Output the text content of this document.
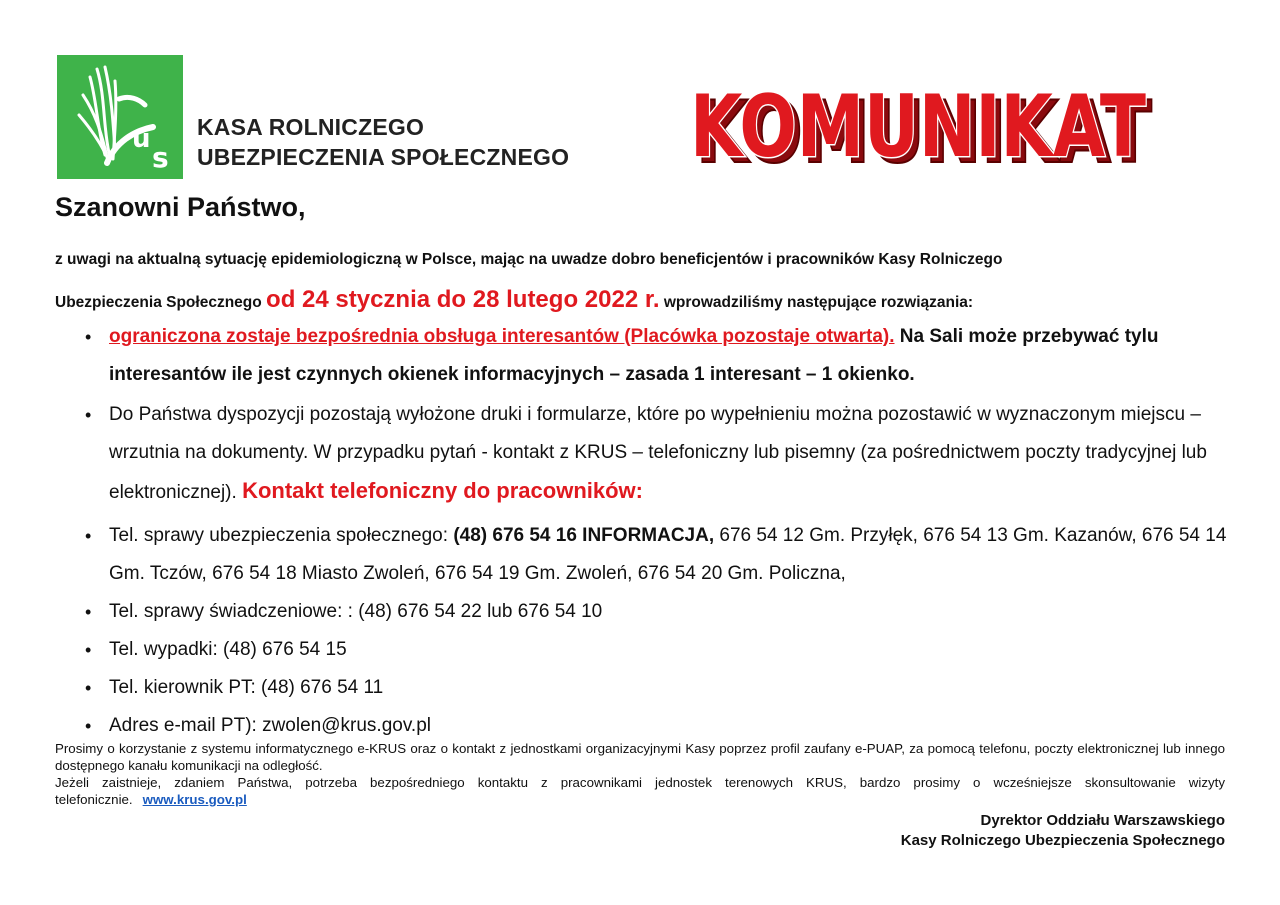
u
s
KASA ROLNICZEGO
UBEZPIECZENIA SPOŁECZNEGO KOMUNIKAT
KOMUNIKAT
Szanowni Państwo,
z uwagi na aktualną sytuację epidemiologiczną w Polsce, mając na uwadze dobro beneficjentów i pracowników Kasy Rolniczego
Ubezpieczenia Społecznego od 24 stycznia do 28 lutego 2022 r. wprowadziliśmy następujące rozwiązania:
• ograniczona zostaje bezpośrednia obsługa interesantów (Placówka pozostaje otwarta). Na Sali może przebywać tylu interesantów ile jest czynnych okienek informacyjnych – zasada 1 interesant – 1 okienko.
• Do Państwa dyspozycji pozostają wyłożone druki i formularze, które po wypełnieniu można pozostawić w wyznaczonym miejscu – wrzutnia na dokumenty. W przypadku pytań - kontakt z KRUS – telefoniczny lub pisemny (za pośrednictwem poczty tradycyjnej lub elektronicznej). Kontakt telefoniczny do pracowników:
• Tel. sprawy ubezpieczenia społecznego: (48) 676 54 16 INFORMACJA, 676 54 12 Gm. Przyłęk, 676 54 13 Gm. Kazanów, 676 54 14 Gm. Tczów, 676 54 18 Miasto Zwoleń, 676 54 19 Gm. Zwoleń, 676 54 20 Gm. Policzna,
• Tel. sprawy świadczeniowe: : (48) 676 54 22 lub 676 54 10
• Tel. wypadki: (48) 676 54 15
• Tel. kierownik PT: (48) 676 54 11
• Adres e-mail PT): zwolen@krus.gov.pl

Prosimy o korzystanie z systemu informatycznego e-KRUS oraz o kontakt z jednostkami organizacyjnymi Kasy poprzez profil zaufany e-PUAP, za pomocą telefonu, poczty elektronicznej lub innego dostępnego kanału komunikacji na odległość.

Jeżeli zaistnieje, zdaniem Państwa, potrzeba bezpośredniego kontaktu z pracownikami jednostek terenowych KRUS, bardzo prosimy o wcześniejsze skonsultowanie wizyty telefonicznie. www.krus.gov.pl

Dyrektor Oddziału Warszawskiego
Kasy Rolniczego Ubezpieczenia Społecznego
